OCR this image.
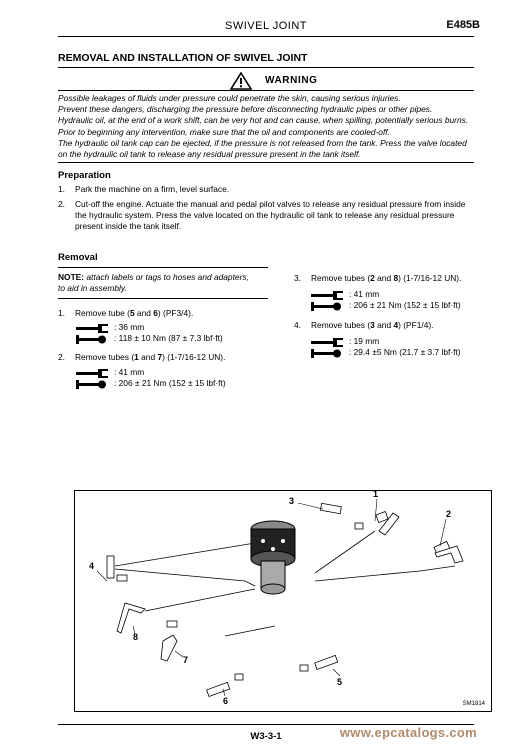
SWIVEL JOINT	E485B
REMOVAL AND INSTALLATION OF SWIVEL JOINT
WARNING
Possible leakages of fluids under pressure could penetrate the skin, causing serious injuries.
Prevent these dangers, discharging the pressure before disconnecting hydraulic pipes or other pipes.
Hydraulic oil, at the end of a work shift, can be very hot and can cause, when spilling, potentially serious burns.
Prior to beginning any intervention, make sure that the oil and components are cooled-off.
The hydraulic oil tank cap can be ejected, if the pressure is not released from the tank. Press the valve located
on the hydraulic oil tank to release any residual pressure present in the tank itself.
Preparation
1. Park the machine on a firm, level surface.
2. Cut-off the engine. Actuate the manual and pedal pilot valves to release any residual pressure from inside
the hydraulic system. Press the valve located on the hydraulic oil tank to release any residual pressure
present inside the tank itself.
Removal
NOTE: attach labels or tags to hoses and adapters,
to aid in assembly.
1. Remove tube (5 and 6) (PF3/4).
: 36 mm
: 118 ± 10 Nm (87 ± 7.3 lbf·ft)
2. Remove tubes (1 and 7) (1-7/16-12 UN).
: 41 mm
: 206 ± 21 Nm (152 ± 15 lbf·ft)
3. Remove tubes (2 and 8) (1-7/16-12 UN).
: 41 mm
: 206 ± 21 Nm (152 ± 15 lbf·ft)
4. Remove tubes (3 and 4) (PF1/4).
: 19 mm
: 29.4 ±5 Nm (21.7 ± 3.7 lbf·ft)
1
2
3
4
5
6
7
8
SM1814
W3-3-1	www.epcatalogs.com
